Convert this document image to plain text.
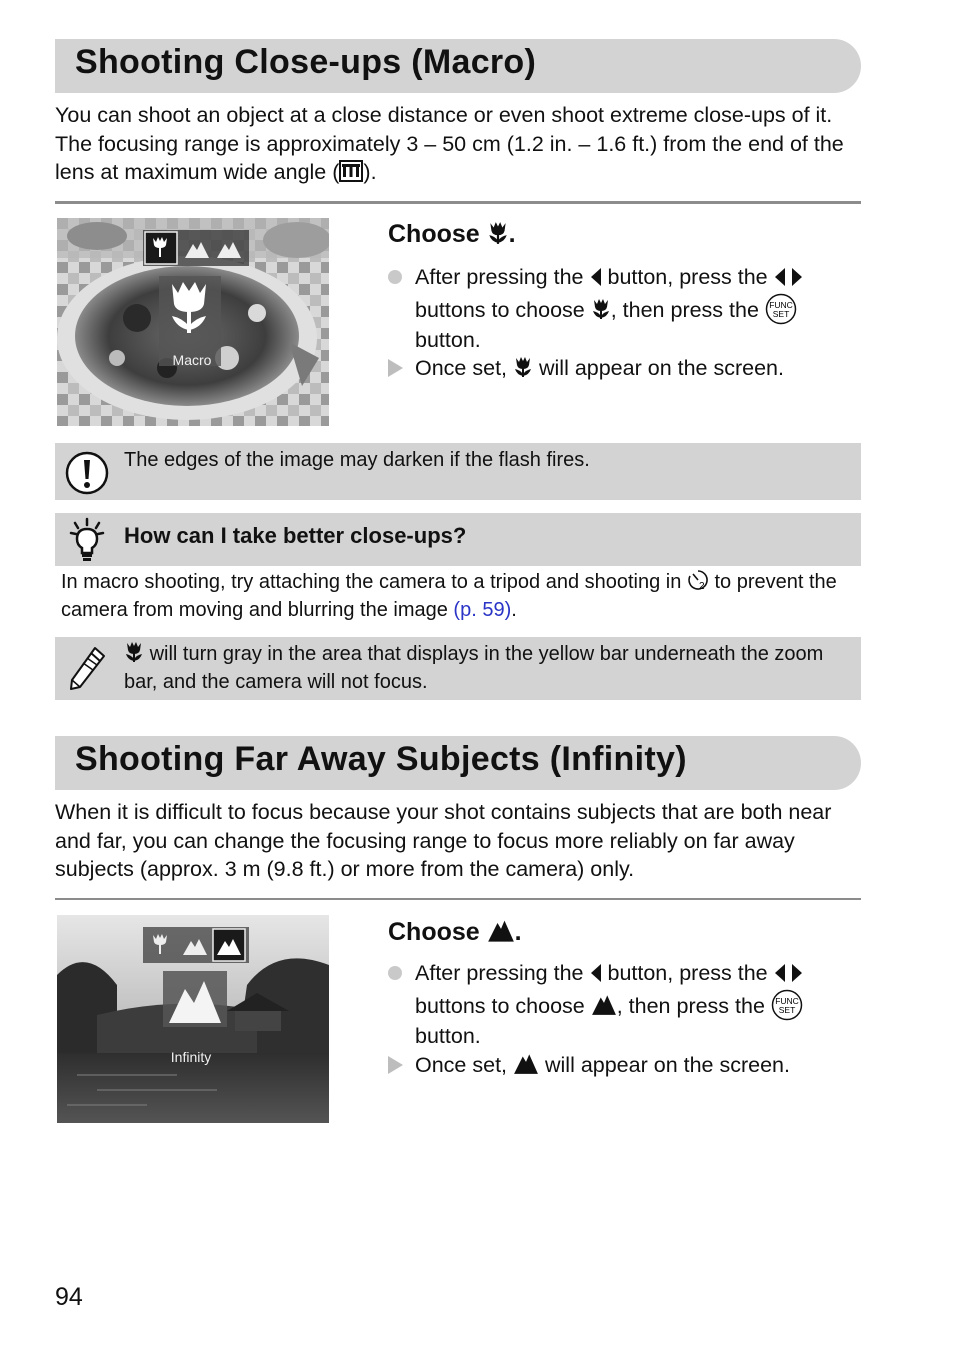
Shooting Close-ups (Macro)
You can shoot an object at a close distance or even shoot extreme close-ups of it. The focusing range is approximately 3 – 50 cm (1.2 in. – 1.6 ft.) from the end of the lens at maximum wide angle ( ).
Macro
Choose .
After pressing the button, press the  buttons to choose , then press the FUNC
SET

button.
Once set, will appear on the screen.
The edges of the image may darken if the flash fires.
How can I take better close-ups?
In macro shooting, try attaching the camera to a tripod and shooting in 2 to prevent the camera from moving and blurring the image (p. 59).
will turn gray in the area that displays in the yellow bar underneath the zoom bar, and the camera will not focus.
Shooting Far Away Subjects (Infinity)
When it is difficult to focus because your shot contains subjects that are both near and far, you can change the focusing range to focus more reliably on far away subjects (approx. 3 m (9.8 ft.) or more from the camera) only.
Infinity
Choose .
After pressing the button, press the  buttons to choose , then press the FUNC
SET

button.
Once set, will appear on the screen.
94
